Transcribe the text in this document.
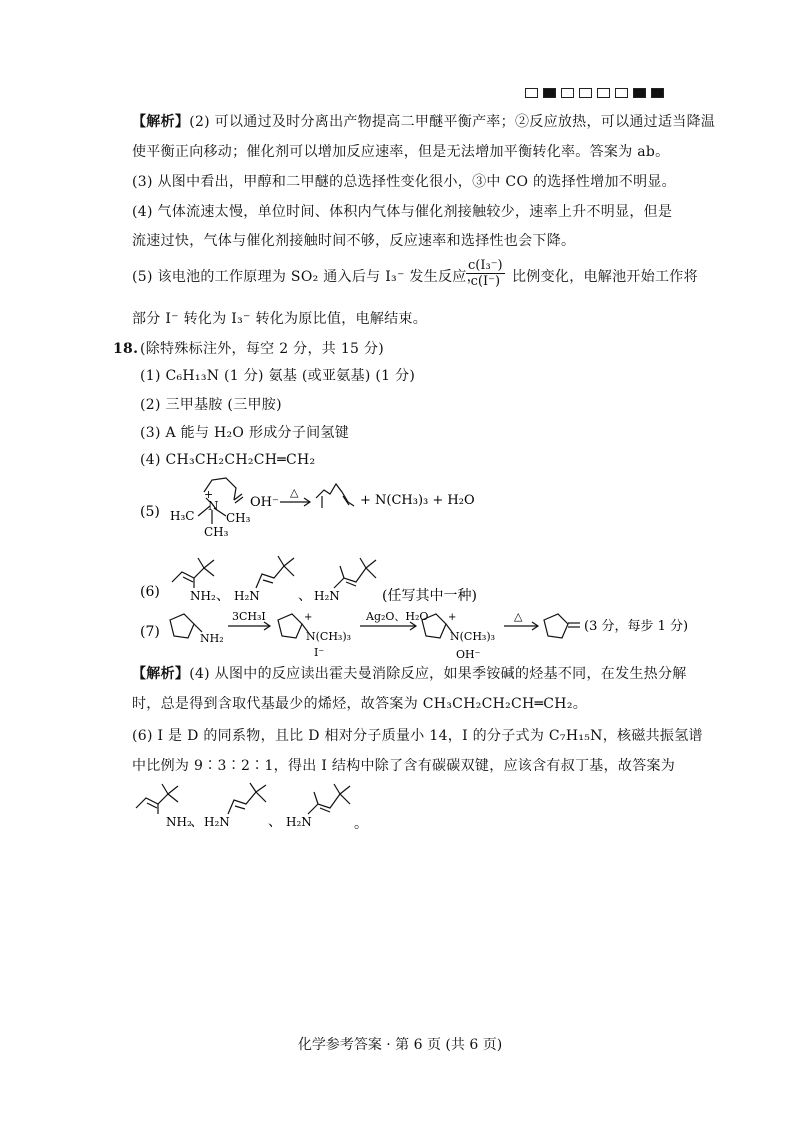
【解析】(2) 可以通过及时分离出产物提高二甲醚平衡产率；②反应放热，可以通过适当降温
使平衡正向移动；催化剂可以增加反应速率，但是无法增加平衡转化率。答案为 ab。
(3) 从图中看出，甲醇和二甲醚的总选择性变化很小，③中 CO 的选择性增加不明显。
(4) 气体流速太慢，单位时间、体积内气体与催化剂接触较少，速率上升不明显，但是
流速过快，气体与催化剂接触时间不够，反应速率和选择性也会下降。
(5) 该电池的工作原理为 SO₂ 通入后与 I₃⁻ 发生反应，
$\frac{\text{c(I₃⁻)}}{c(I^-)}$ 比例变化，电解池开始工作将
部分 I⁻ 转化为 I₃⁻ 转化为原比值，电解结束。
18. (除特殊标注外，每空 2 分，共 15 分)
(1) C₆H₁₃N (1 分) 氨基 (或亚氨基) (1 分)
(2) 三甲基胺 (三甲胺)
(3) A 能与 H₂O 形成分子间氢键
(4) CH₃CH₂CH₂CH═CH₂
(5)	N
+
H₃C	CH₃
CH₃
OH⁻
△
+ N(CH₃)₃ + H₂O
(6)	NH₂ 、 H₂N	、 H₂N	(任写其中一种)
(7)	NH₂
3CH₃I	+
N(CH₃)₃
I⁻
Ag₂O、H₂O +
N(CH₃)₃
OH⁻
△
(3 分，每步 1 分)
【解析】(4) 从图中的反应读出霍夫曼消除反应，如果季铵碱的烃基不同，在发生热分解
时，总是得到含取代基最少的烯烃，故答案为 CH₃CH₂CH₂CH═CH₂。
(6) I 是 D 的同系物，且比 D 相对分子质量小 14，I 的分子式为 C₇H₁₅N，核磁共振氢谱
中比例为 9∶3∶2∶1，得出 I 结构中除了含有碳碳双键，应该含有叔丁基，故答案为
NH₂
、 H₂N	、 H₂N	。
化学参考答案 · 第 6 页 (共 6 页)
